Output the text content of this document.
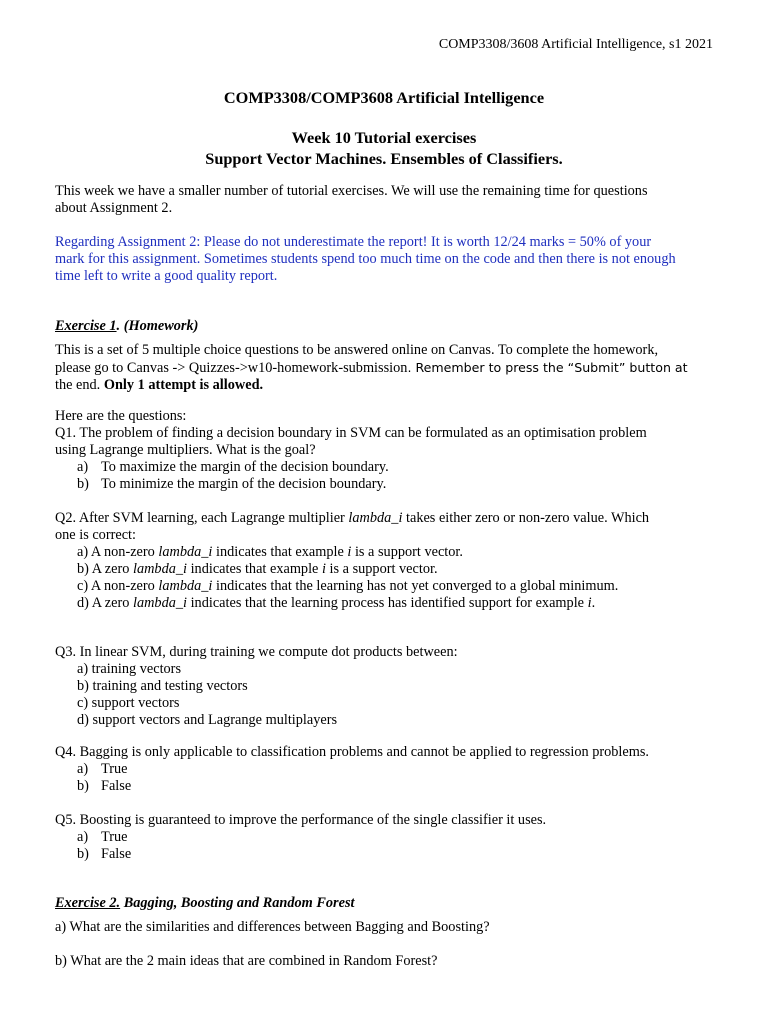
COMP3308/3608 Artificial Intelligence, s1 2021
COMP3308/COMP3608 Artificial Intelligence
Week 10 Tutorial exercises
Support Vector Machines. Ensembles of Classifiers.
This week we have a smaller number of tutorial exercises. We will use the remaining time for questions
about Assignment 2.
Regarding Assignment 2: Please do not underestimate the report! It is worth 12/24 marks = 50% of your
mark for this assignment. Sometimes students spend too much time on the code and then there is not enough
time left to write a good quality report.
Exercise 1. (Homework)
This is a set of 5 multiple choice questions to be answered online on Canvas. To complete the homework,
please go to Canvas -> Quizzes->w10-homework-submission. Remember to press the “Submit” button at
the end. Only 1 attempt is allowed.
Here are the questions:
Q1. The problem of finding a decision boundary in SVM can be formulated as an optimisation problem
using Lagrange multipliers. What is the goal?
a) To maximize the margin of the decision boundary.
b) To minimize the margin of the decision boundary.
Q2. After SVM learning, each Lagrange multiplier lambda_i takes either zero or non-zero value. Which
one is correct:
a) A non-zero lambda_i indicates that example i is a support vector.
b) A zero lambda_i indicates that example i is a support vector.
c) A non-zero lambda_i indicates that the learning has not yet converged to a global minimum.
d) A zero lambda_i indicates that the learning process has identified support for example i.
Q3. In linear SVM, during training we compute dot products between:
a) training vectors
b) training and testing vectors
c) support vectors
d) support vectors and Lagrange multiplayers
Q4. Bagging is only applicable to classification problems and cannot be applied to regression problems.
a) True
b) False
Q5. Boosting is guaranteed to improve the performance of the single classifier it uses.
a) True
b) False
Exercise 2. Bagging, Boosting and Random Forest
a) What are the similarities and differences between Bagging and Boosting?
b) What are the 2 main ideas that are combined in Random Forest?
